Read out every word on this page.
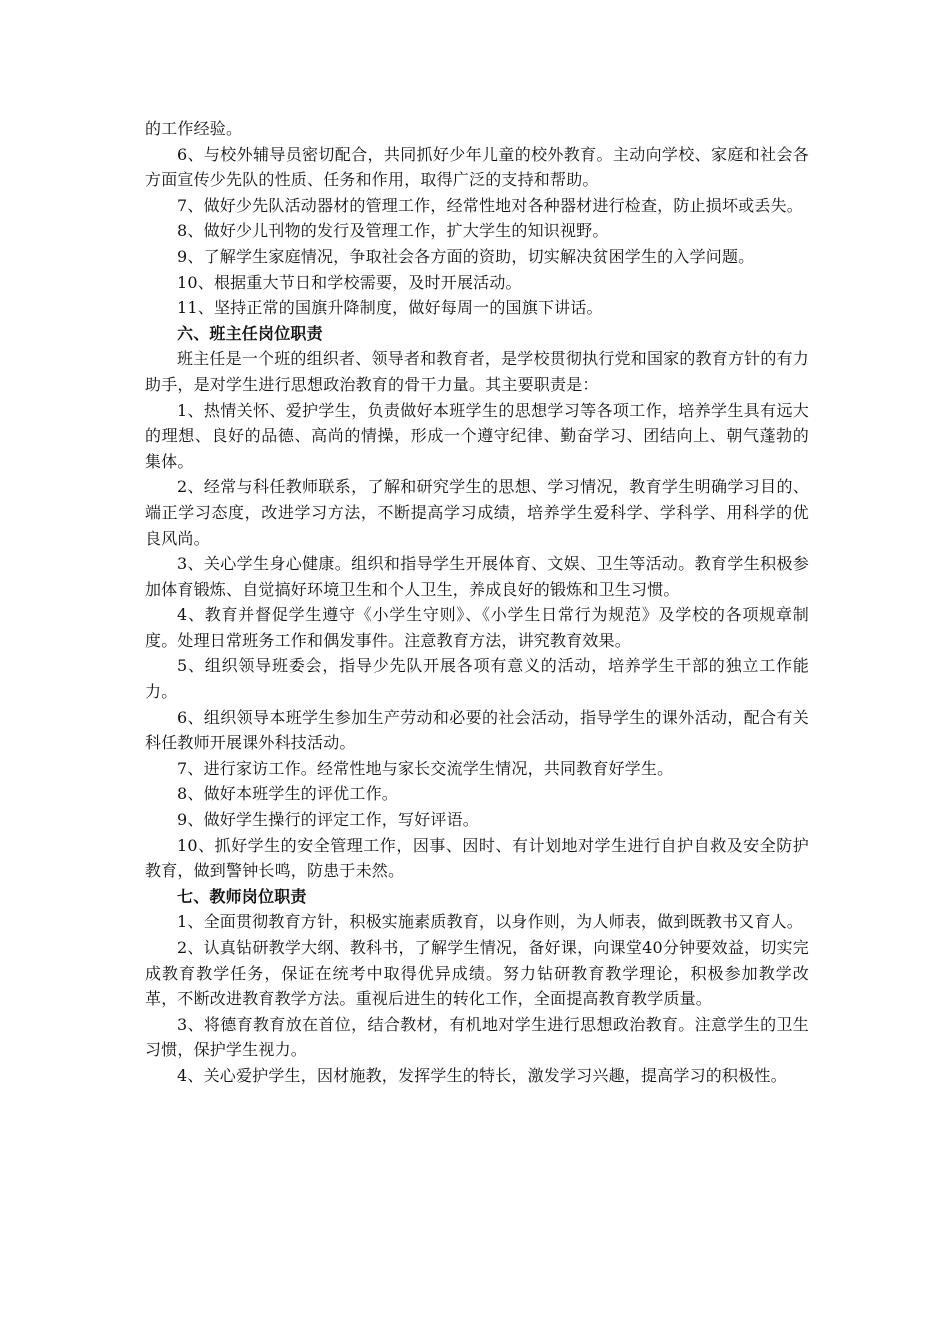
的工作经验。

6、与校外辅导员密切配合，共同抓好少年儿童的校外教育。主动向学校、家庭和社会各方面宣传少先队的性质、任务和作用，取得广泛的支持和帮助。

7、做好少先队活动器材的管理工作，经常性地对各种器材进行检查，防止损坏或丢失。

8、做好少儿刊物的发行及管理工作，扩大学生的知识视野。

9、了解学生家庭情况，争取社会各方面的资助，切实解决贫困学生的入学问题。

10、根据重大节日和学校需要，及时开展活动。

11、坚持正常的国旗升降制度，做好每周一的国旗下讲话。

六、班主任岗位职责

班主任是一个班的组织者、领导者和教育者，是学校贯彻执行党和国家的教育方针的有力助手，是对学生进行思想政治教育的骨干力量。其主要职责是：

1、热情关怀、爱护学生，负责做好本班学生的思想学习等各项工作，培养学生具有远大的理想、良好的品德、高尚的情操，形成一个遵守纪律、勤奋学习、团结向上、朝气蓬勃的集体。

2、经常与科任教师联系，了解和研究学生的思想、学习情况，教育学生明确学习目的、端正学习态度，改进学习方法，不断提高学习成绩，培养学生爱科学、学科学、用科学的优良风尚。

3、关心学生身心健康。组织和指导学生开展体育、文娱、卫生等活动。教育学生积极参加体育锻炼、自觉搞好环境卫生和个人卫生，养成良好的锻炼和卫生习惯。

4、教育并督促学生遵守《小学生守则》、《小学生日常行为规范》及学校的各项规章制度。处理日常班务工作和偶发事件。注意教育方法，讲究教育效果。

5、组织领导班委会，指导少先队开展各项有意义的活动，培养学生干部的独立工作能力。

6、组织领导本班学生参加生产劳动和必要的社会活动，指导学生的课外活动，配合有关科任教师开展课外科技活动。

7、进行家访工作。经常性地与家长交流学生情况，共同教育好学生。

8、做好本班学生的评优工作。

9、做好学生操行的评定工作，写好评语。

10、抓好学生的安全管理工作，因事、因时、有计划地对学生进行自护自救及安全防护教育，做到警钟长鸣，防患于未然。

七、教师岗位职责

1、全面贯彻教育方针，积极实施素质教育，以身作则，为人师表，做到既教书又育人。

2、认真钻研教学大纲、教科书，了解学生情况，备好课，向课堂40分钟要效益，切实完成教育教学任务，保证在统考中取得优异成绩。努力钻研教育教学理论，积极参加教学改革，不断改进教育教学方法。重视后进生的转化工作，全面提高教育教学质量。

3、将德育教育放在首位，结合教材，有机地对学生进行思想政治教育。注意学生的卫生习惯，保护学生视力。

4、关心爱护学生，因材施教，发挥学生的特长，激发学习兴趣，提高学习的积极性。
